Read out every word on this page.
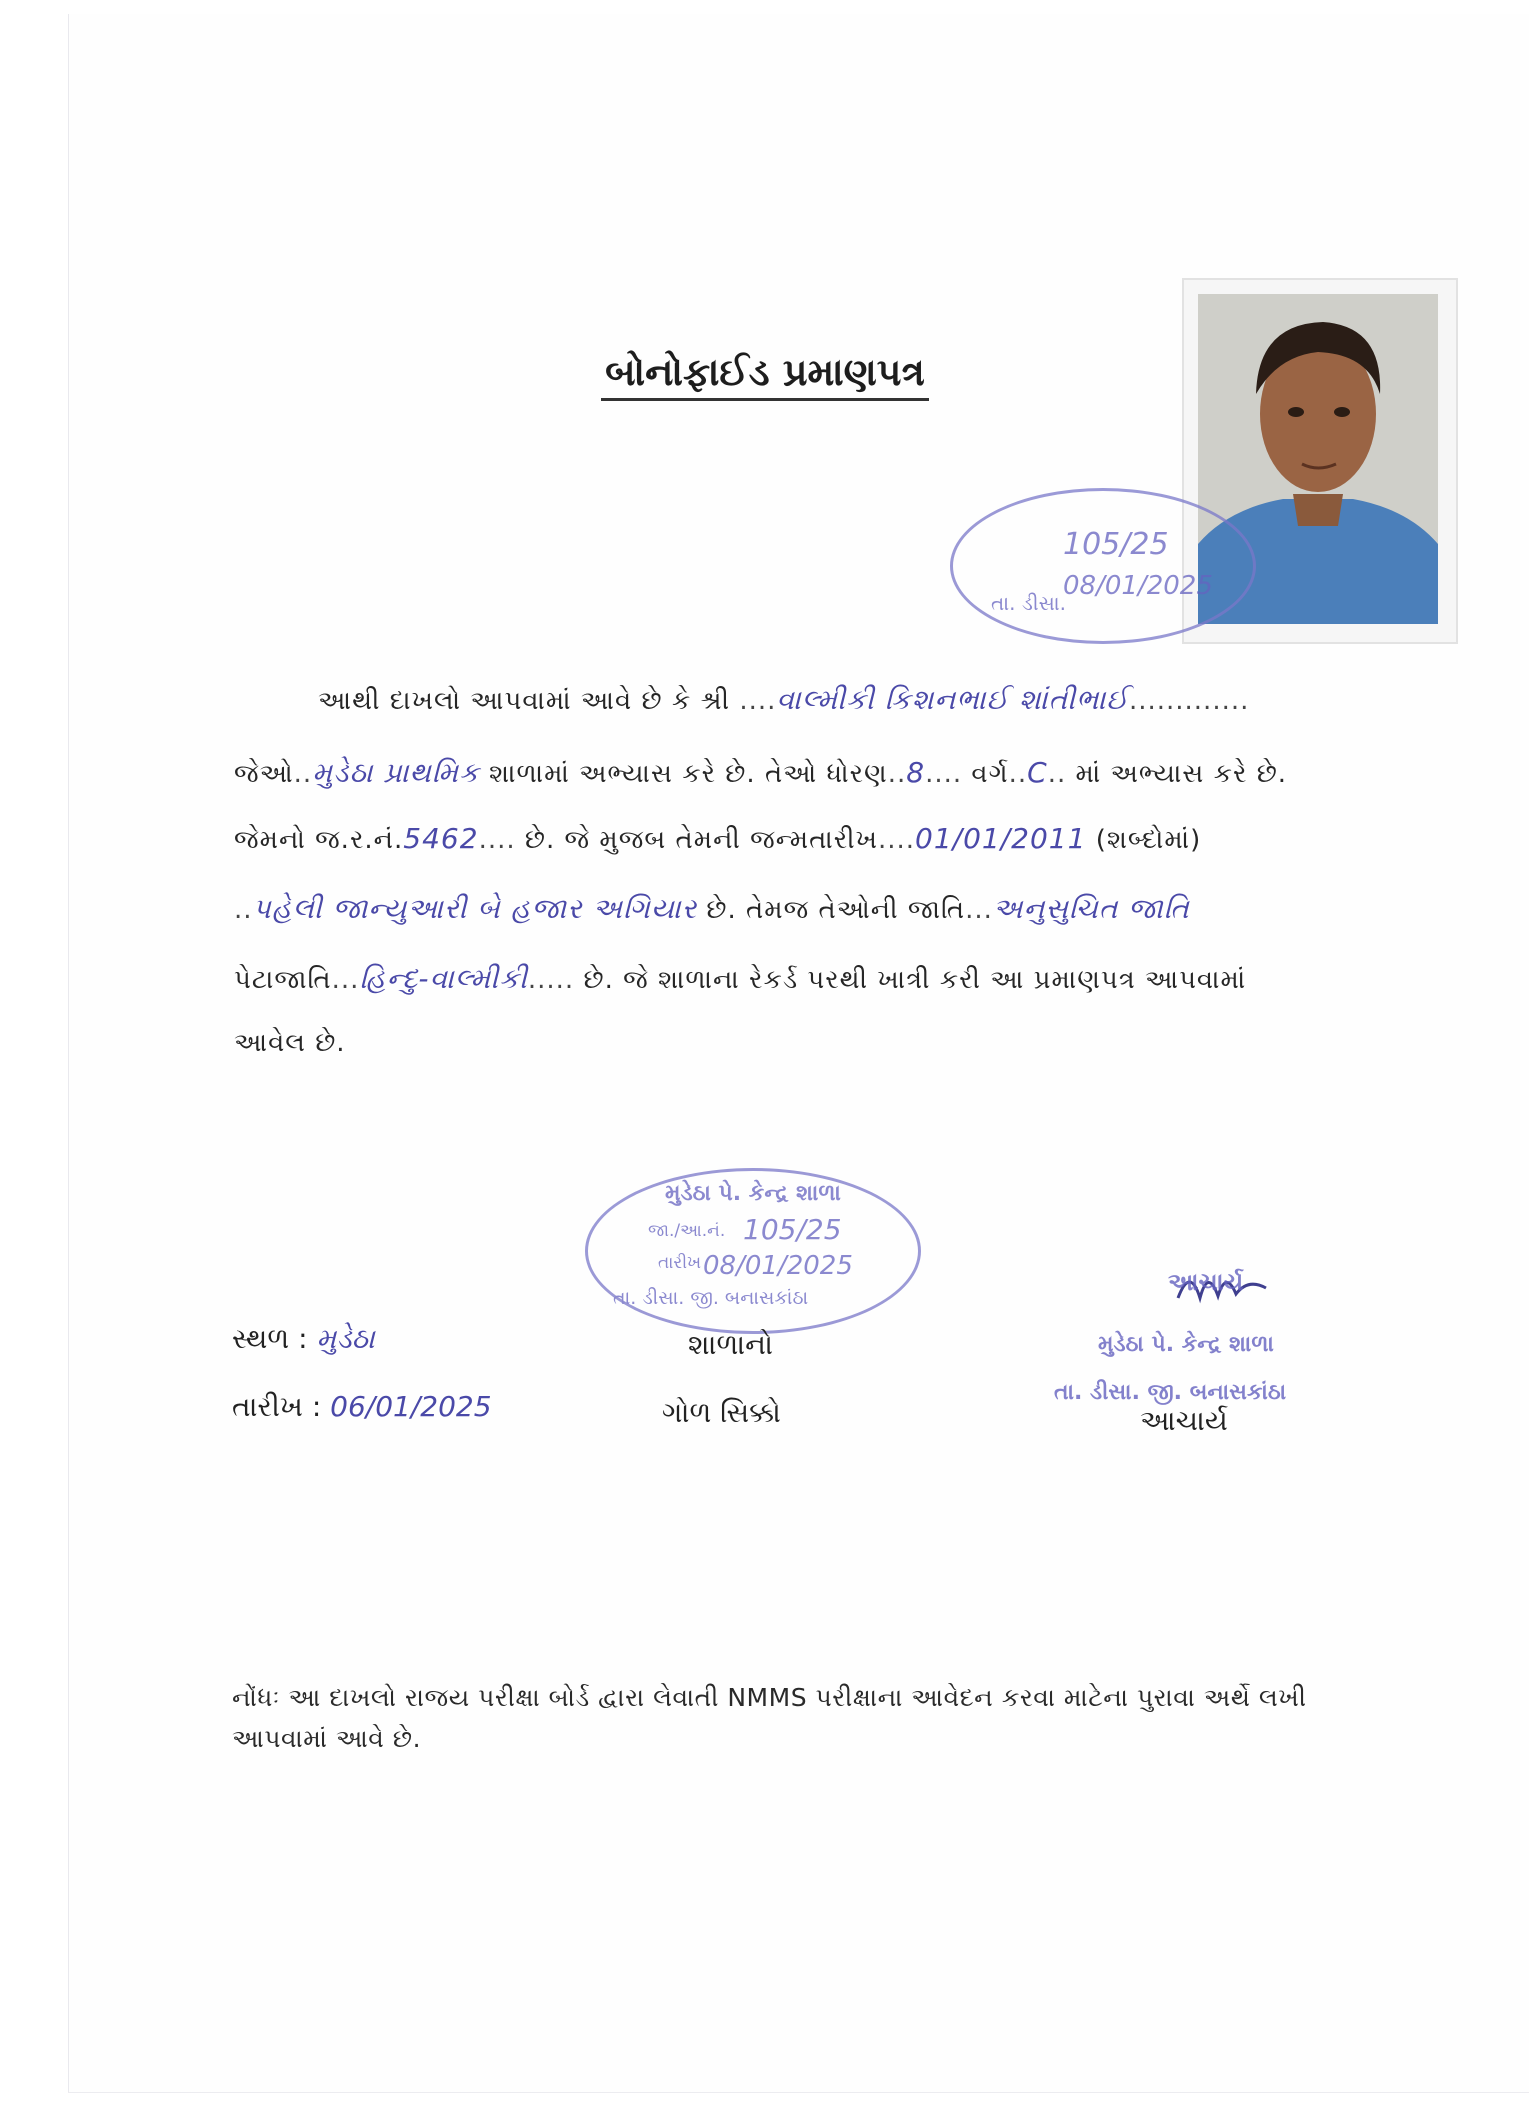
બોનોફાઈડ પ્રમાણપત્ર
105/25
08/01/2025
તા. ડીસા.
આથી દાખલો આપવામાં આવે છે કે શ્રી ....વાલ્મીકી કિશનભાઈ શાંતીભાઈ.............
જેઓ..મુડેઠા પ્રાથમિક શાળામાં અભ્યાસ કરે છે. તેઓ ધોરણ..8.... વર્ગ..C.. માં અભ્યાસ કરે છે.
જેમનો જ.ર.નં.5462.... છે. જે મુજબ તેમની જન્મતારીખ....01/01/2011 (શબ્દોમાં)
..પહેલી જાન્યુઆરી બે હજાર અગિયાર છે. તેમજ તેઓની જાતિ...અનુસુચિત જાતિ
પેટાજાતિ...હિન્દુ-વાલ્મીકી..... છે. જે શાળાના રેકર્ડ પરથી ખાત્રી કરી આ પ્રમાણપત્ર આપવામાં
આવેલ છે.
મુડેઠા પે. કેન્દ્ર શાળા
જા./આ.નં. 105/25
તારીખ 08/01/2025
તા. ડીસા. જી. બનાસકાંઠા
સ્થળ : મુડેઠા
તારીખ : 06/01/2025
શાળાનો
ગોળ સિક્કો
આચાર્ય
મુડેઠા પે. કેન્દ્ર શાળા
તા. ડીસા. જી. બનાસકાંઠા
આચાર્ય
નોંધઃ આ દાખલો રાજય પરીક્ષા બોર્ડ દ્વારા લેવાતી NMMS પરીક્ષાના આવેદન કરવા માટેના પુરાવા અર્થે લખી
આપવામાં આવે છે.
